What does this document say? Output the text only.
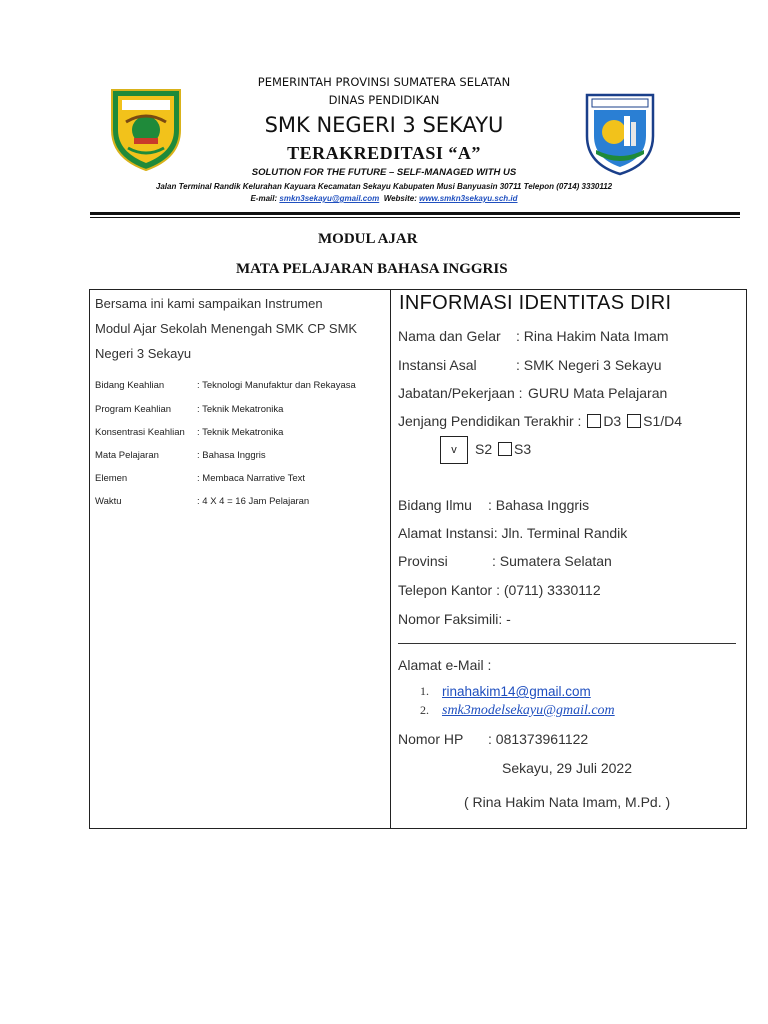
PEMERINTAH PROVINSI SUMATERA SELATAN
DINAS PENDIDIKAN
SMK NEGERI 3 SEKAYU
TERAKREDITASI “A”
SOLUTION FOR THE FUTURE – SELF-MANAGED WITH US
Jalan Terminal Randik Kelurahan Kayuara Kecamatan Sekayu Kabupaten Musi Banyuasin 30711 Telepon (0714) 3330112
E-mail: smkn3sekayu@gmail.com Website: www.smkn3sekayu.sch.id
MODUL AJAR
MATA PELAJARAN BAHASA INGGRIS
Bersama ini kami sampaikan Instrumen
Modul Ajar Sekolah Menengah SMK CP SMK
Negeri 3 Sekayu
Bidang Keahlian	: Teknologi Manufaktur dan Rekayasa
Program Keahlian	: Teknik Mekatronika
Konsentrasi Keahlian : Teknik Mekatronika
Mata Pelajaran	: Bahasa Inggris
Elemen	: Membaca Narrative Text
Waktu	: 4 X 4 = 16 Jam Pelajaran
INFORMASI IDENTITAS DIRI
Nama dan Gelar : Rina Hakim Nata Imam
Instansi Asal	: SMK Negeri 3 Sekayu
Jabatan/Pekerjaan : GURU Mata Pelajaran
Jenjang Pendidikan Terakhir : D3 S1/D4
v	S2 S3
Bidang Ilmu : Bahasa Inggris
Alamat Instansi: Jln. Terminal Randik
Provinsi	: Sumatera Selatan
Telepon Kantor : (0711) 3330112
Nomor Faksimili: -
Alamat e-Mail :
1. rinahakim14@gmail.com
2. smk3modelsekayu@gmail.com
Nomor HP : 081373961122
Sekayu, 29 Juli 2022
( Rina Hakim Nata Imam, M.Pd. )
